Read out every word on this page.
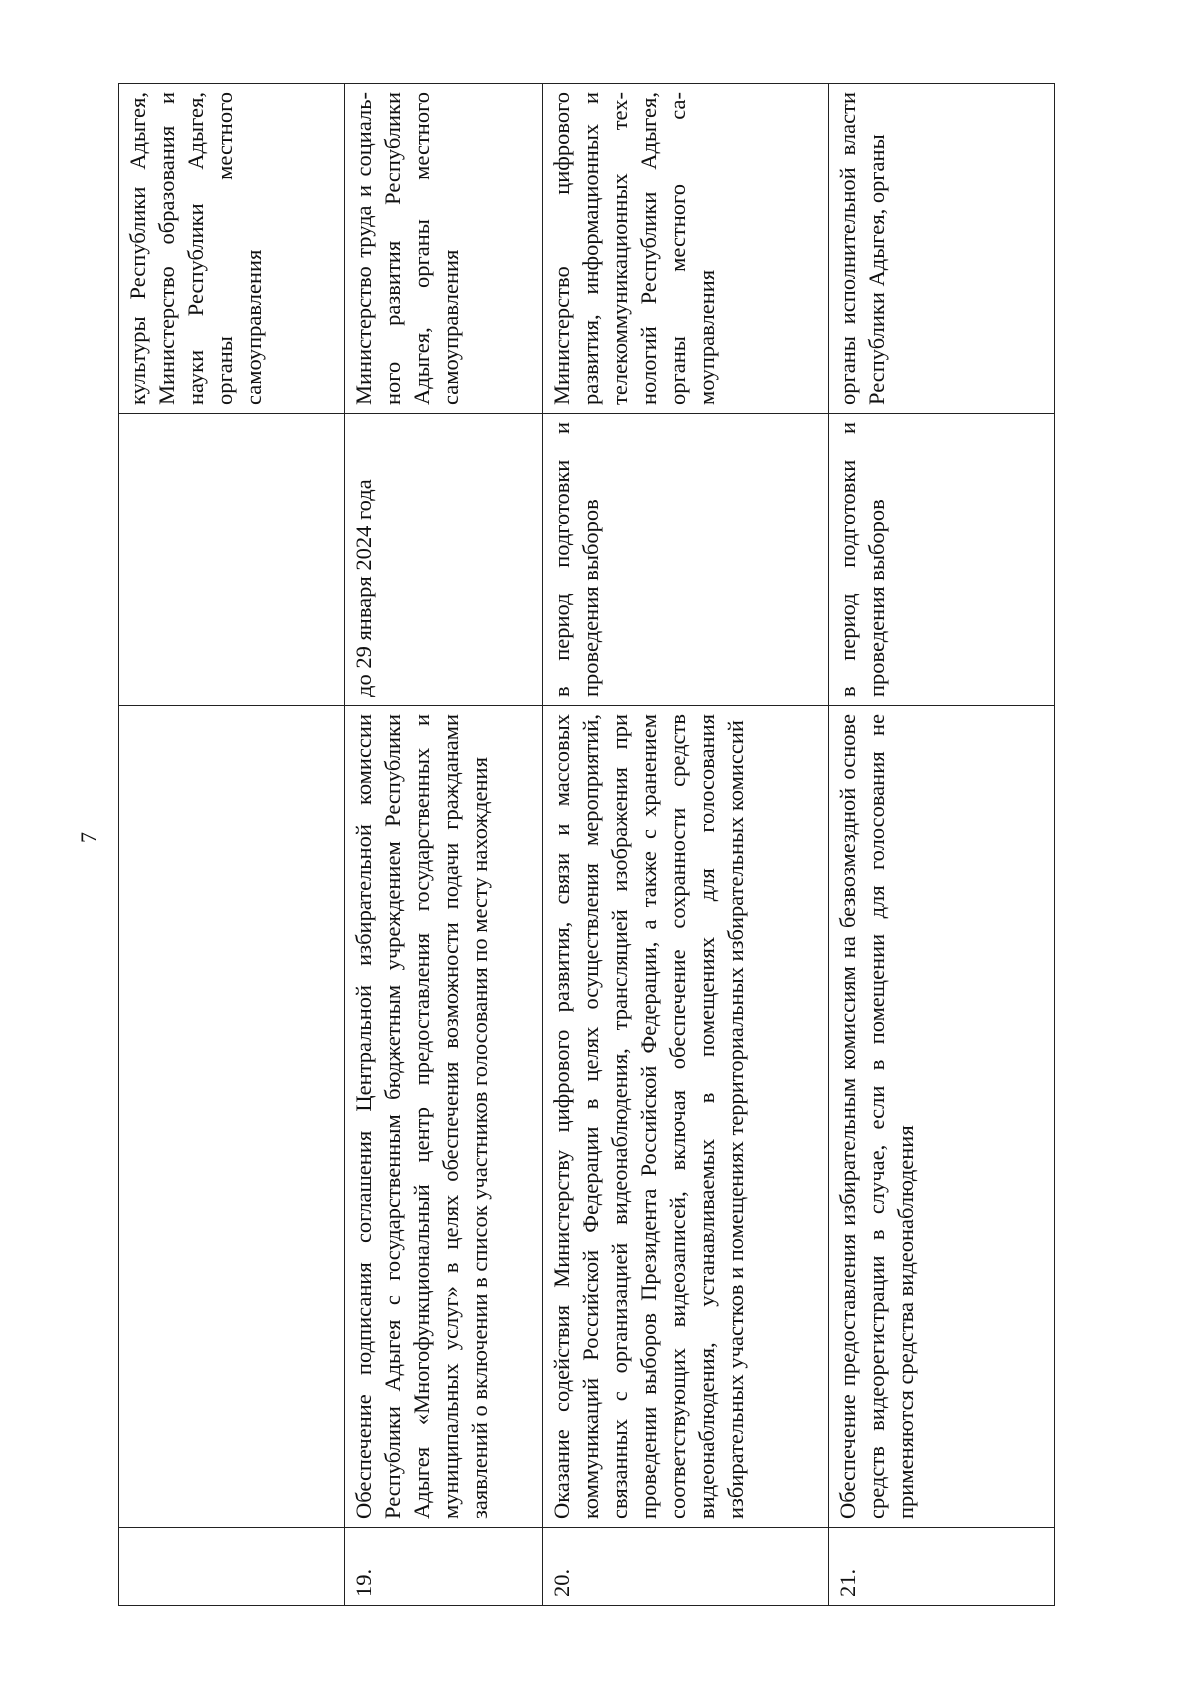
7
			культуры Республики Адыгея, Министерство образования и науки Республики Адыгея, органы местного самоуправления
19.	Обеспечение подписания соглашения Центральной избирательной комиссии Республики Адыгея с государственным бюджетным учреждением Республики Адыгея «Многофункциональный центр предоставления государственных и муниципальных услуг» в целях обеспечения возможности подачи гражданами заявлений о включении в список участников голосования по месту нахождения	до 29 января 2024 года	Министерство труда и социального развития Республики Адыгея, органы местного самоуправления
20.	Оказание содействия Министерству цифрового развития, связи и массовых коммуникаций Российской Федерации в целях осуществления мероприятий, связанных с организацией видеонаблюдения, трансляцией изображения при проведении выборов Президента Российской Федерации, а также с хранением соответствующих видеозаписей, включая обеспечение сохранности средств видеонаблюдения, устанавливаемых в помещениях для голосования избирательных участков и помещениях территориальных избирательных комиссий	в период подготовки и проведения выборов	Министерство цифрового развития, информационных и телекоммуникационных технологий Республики Адыгея, органы местного самоуправления
21.	Обеспечение предоставления избирательным комиссиям на безвозмездной основе средств видеорегистрации в случае, если в помещении для голосования не применяются средства видеонаблюдения	в период подготовки и проведения выборов	органы исполнительной власти Республики Адыгея, органы
